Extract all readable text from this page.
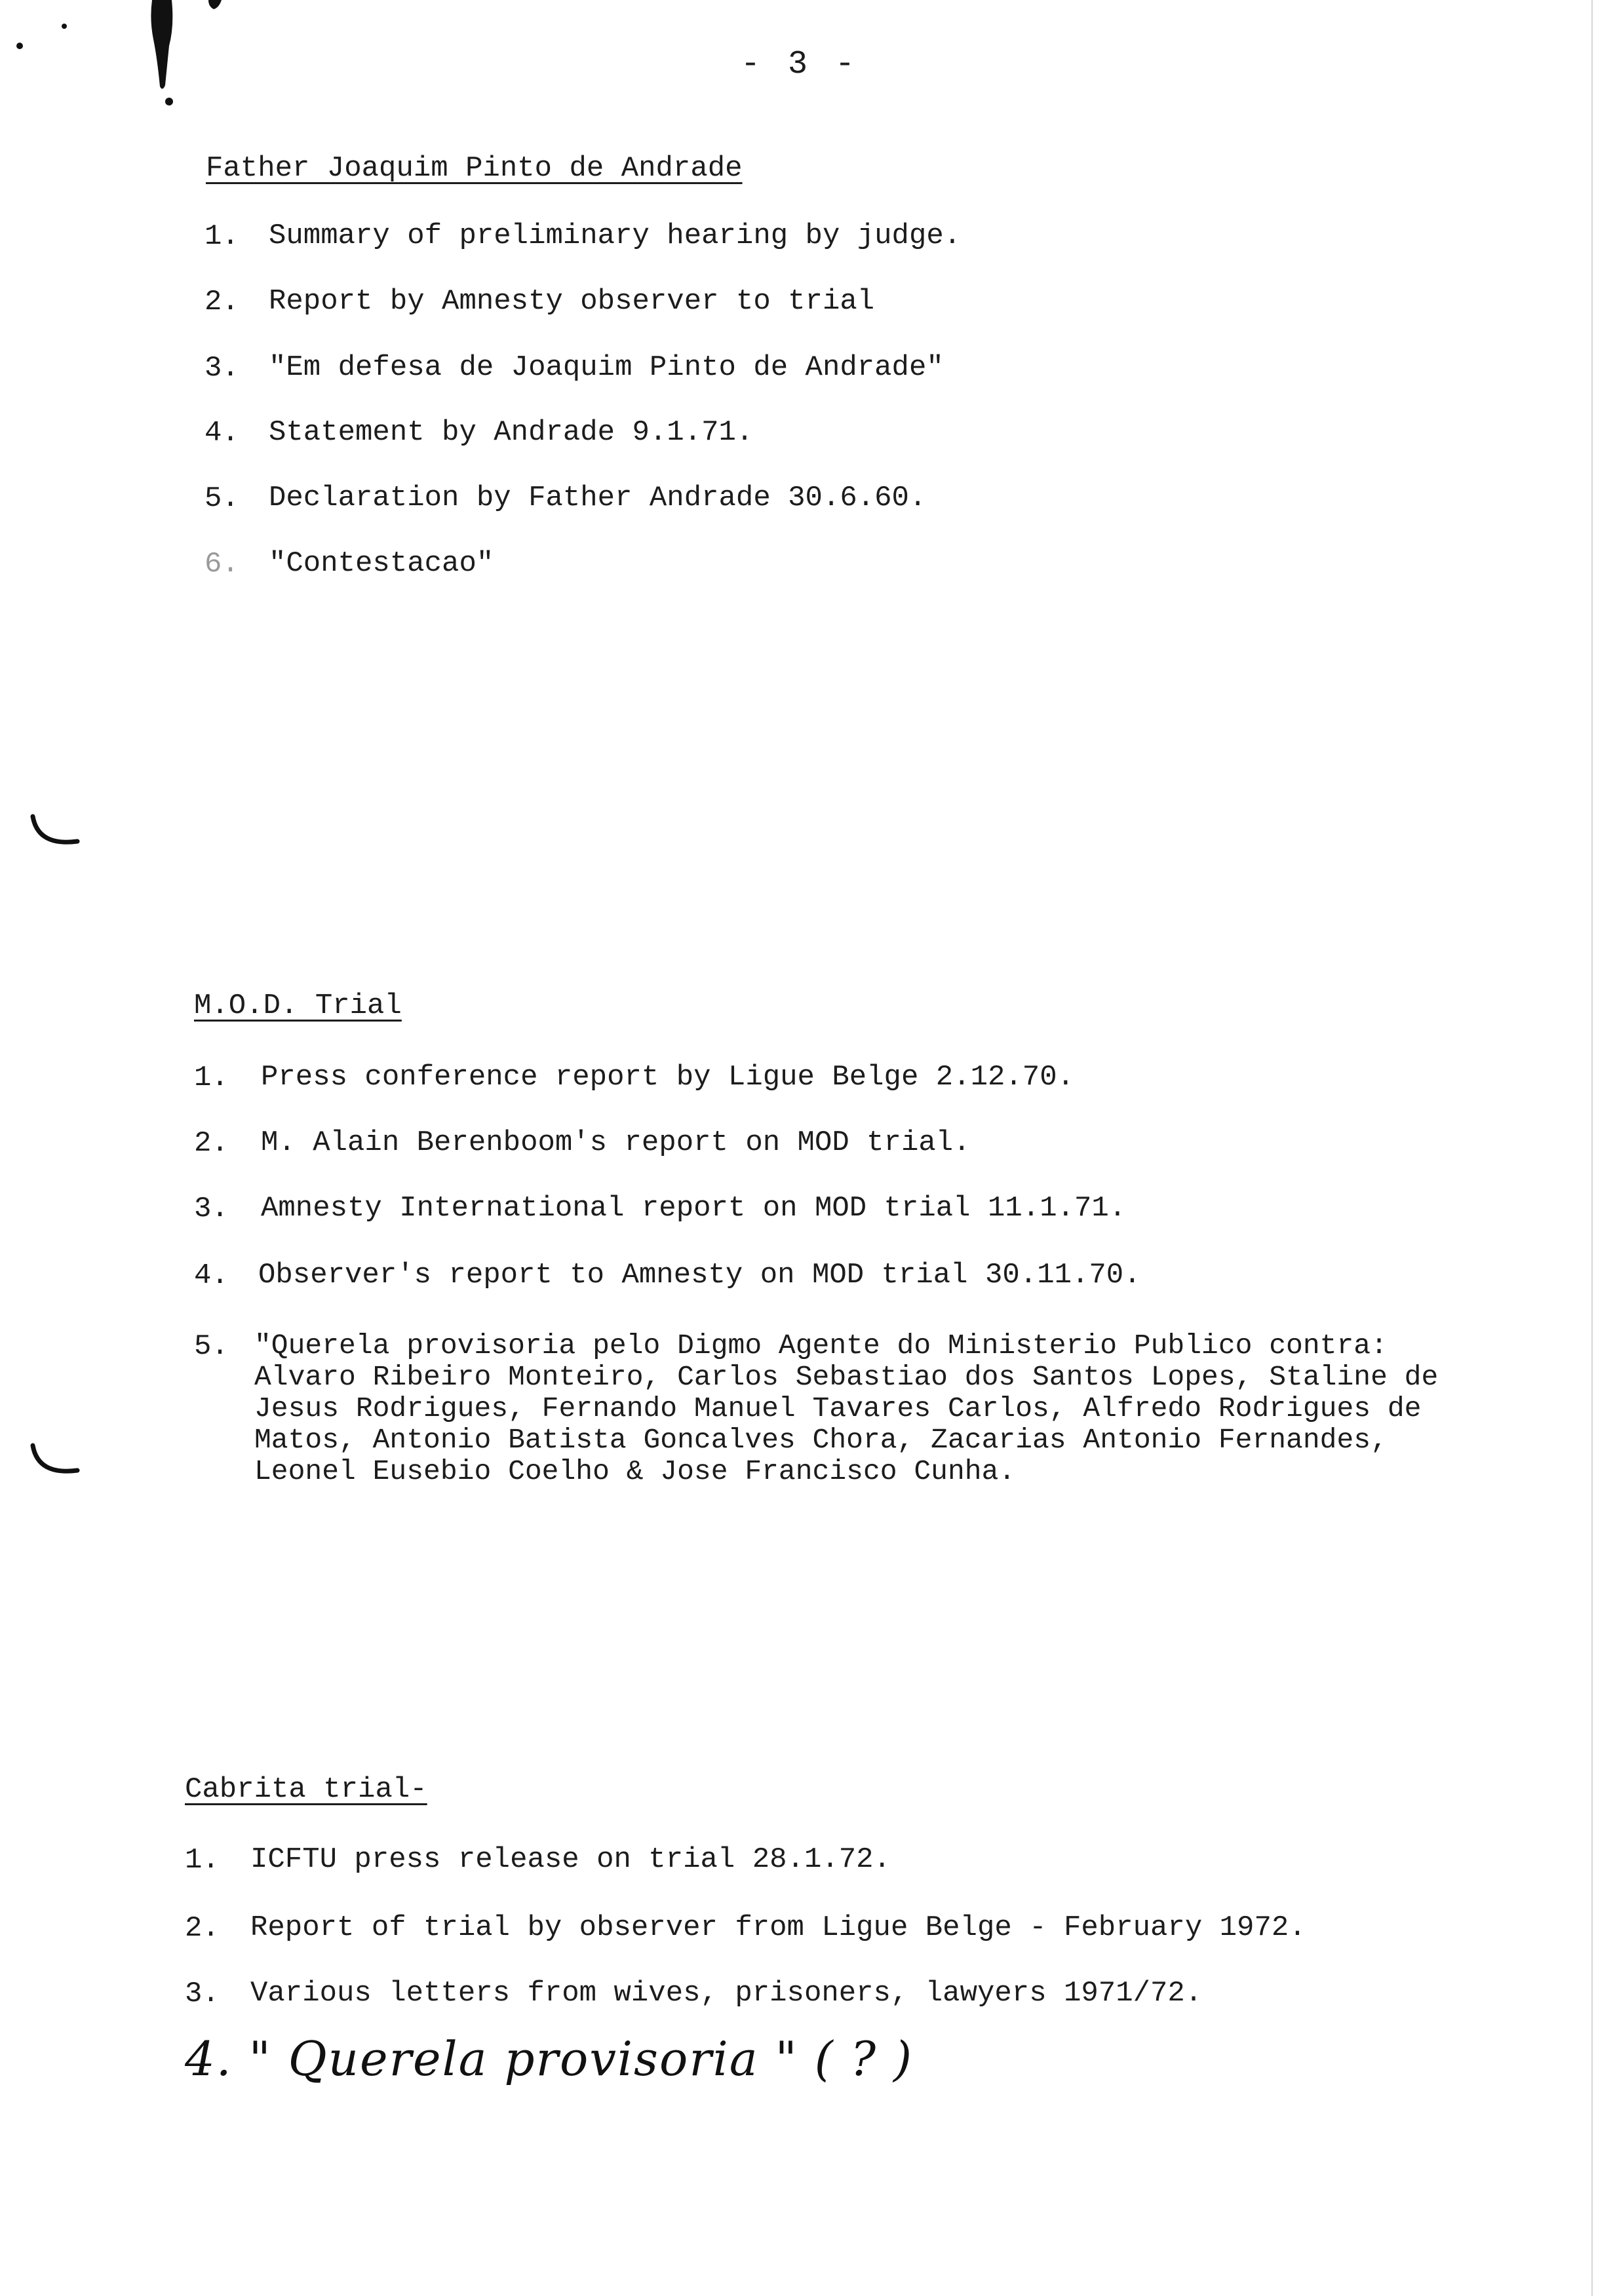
- 3 -
Father Joaquim Pinto de Andrade
1.	Summary of preliminary hearing by judge.
2.	Report by Amnesty observer to trial
3.	"Em defesa de Joaquim Pinto de Andrade"
4.	Statement by Andrade 9.1.71.
5.	Declaration by Father Andrade 30.6.60.
6.	"Contestacao"
M.O.D. Trial
1.	Press conference report by Ligue Belge 2.12.70.
2.	M. Alain Berenboom's report on MOD trial.
3.	Amnesty International report on MOD trial 11.1.71.
4.	Observer's report to Amnesty on MOD trial 30.11.70.
5. "Querela provisoria pelo Digmo Agente do Ministerio Publico contra:
Alvaro Ribeiro Monteiro, Carlos Sebastiao dos Santos Lopes, Staline de
Jesus Rodrigues, Fernando Manuel Tavares Carlos, Alfredo Rodrigues de
Matos, Antonio Batista Goncalves Chora, Zacarias Antonio Fernandes,
Leonel Eusebio Coelho & Jose Francisco Cunha.
Cabrita trial-
1.	ICFTU press release on trial 28.1.72.
2.	Report of trial by observer from Ligue Belge - February 1972.
3.	Various letters from wives, prisoners, lawyers 1971/72.
4. " Querela provisoria " ( ? )
